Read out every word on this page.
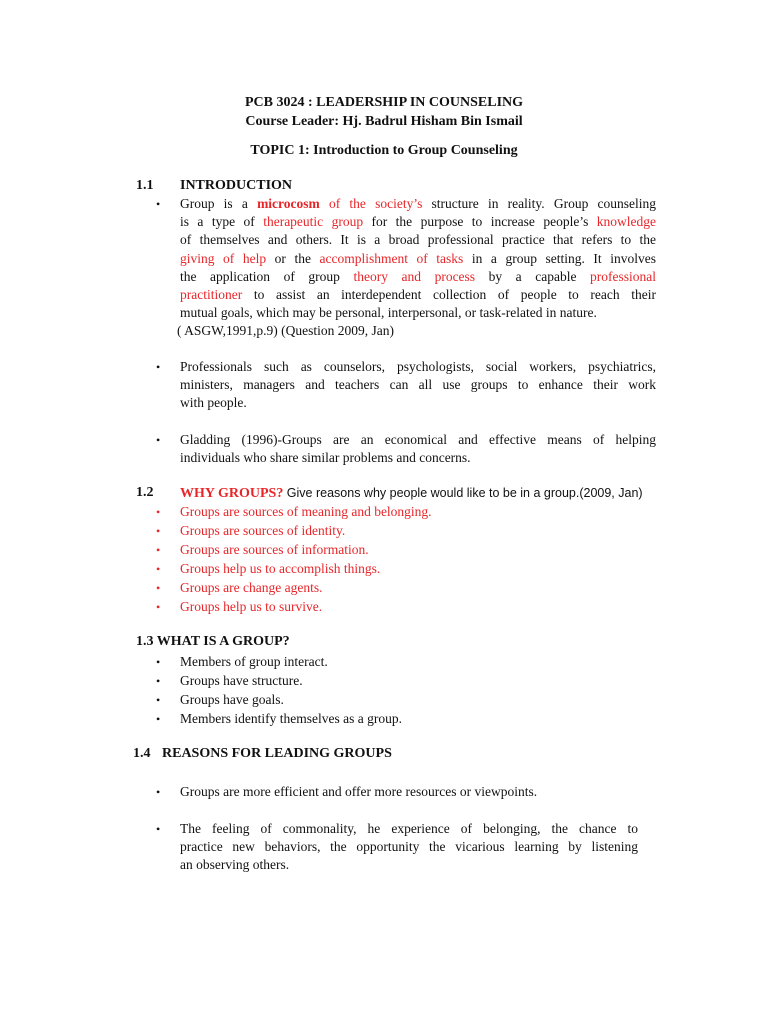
PCB 3024 : LEADERSHIP IN COUNSELING
Course Leader: Hj. Badrul Hisham Bin Ismail
TOPIC 1: Introduction to Group Counseling
1.1 INTRODUCTION
• Group is a microcosm of the society’s structure in reality. Group counseling
is a type of therapeutic group for the purpose to increase people’s knowledge
of themselves and others. It is a broad professional practice that refers to the
giving of help or the accomplishment of tasks in a group setting. It involves
the application of group theory and process by a capable professional
practitioner to assist an interdependent collection of people to reach their
mutual goals, which may be personal, interpersonal, or task-related in nature.
( ASGW,1991,p.9) (Question 2009, Jan)
• Professionals such as counselors, psychologists, social workers, psychiatrics,
ministers, managers and teachers can all use groups to enhance their work
with people.
• Gladding (1996)-Groups are an economical and effective means of helping
individuals who share similar problems and concerns.
1.2 WHY GROUPS? Give reasons why people would like to be in a group.(2009, Jan)
• Groups are sources of meaning and belonging.
• Groups are sources of identity.
• Groups are sources of information.
• Groups help us to accomplish things.
• Groups are change agents.
• Groups help us to survive.
1.3 WHAT IS A GROUP?
• Members of group interact.
• Groups have structure.
• Groups have goals.
• Members identify themselves as a group.
1.4 REASONS FOR LEADING GROUPS
• Groups are more efficient and offer more resources or viewpoints.
• The feeling of commonality, he experience of belonging, the chance to
practice new behaviors, the opportunity the vicarious learning by listening
an observing others.
